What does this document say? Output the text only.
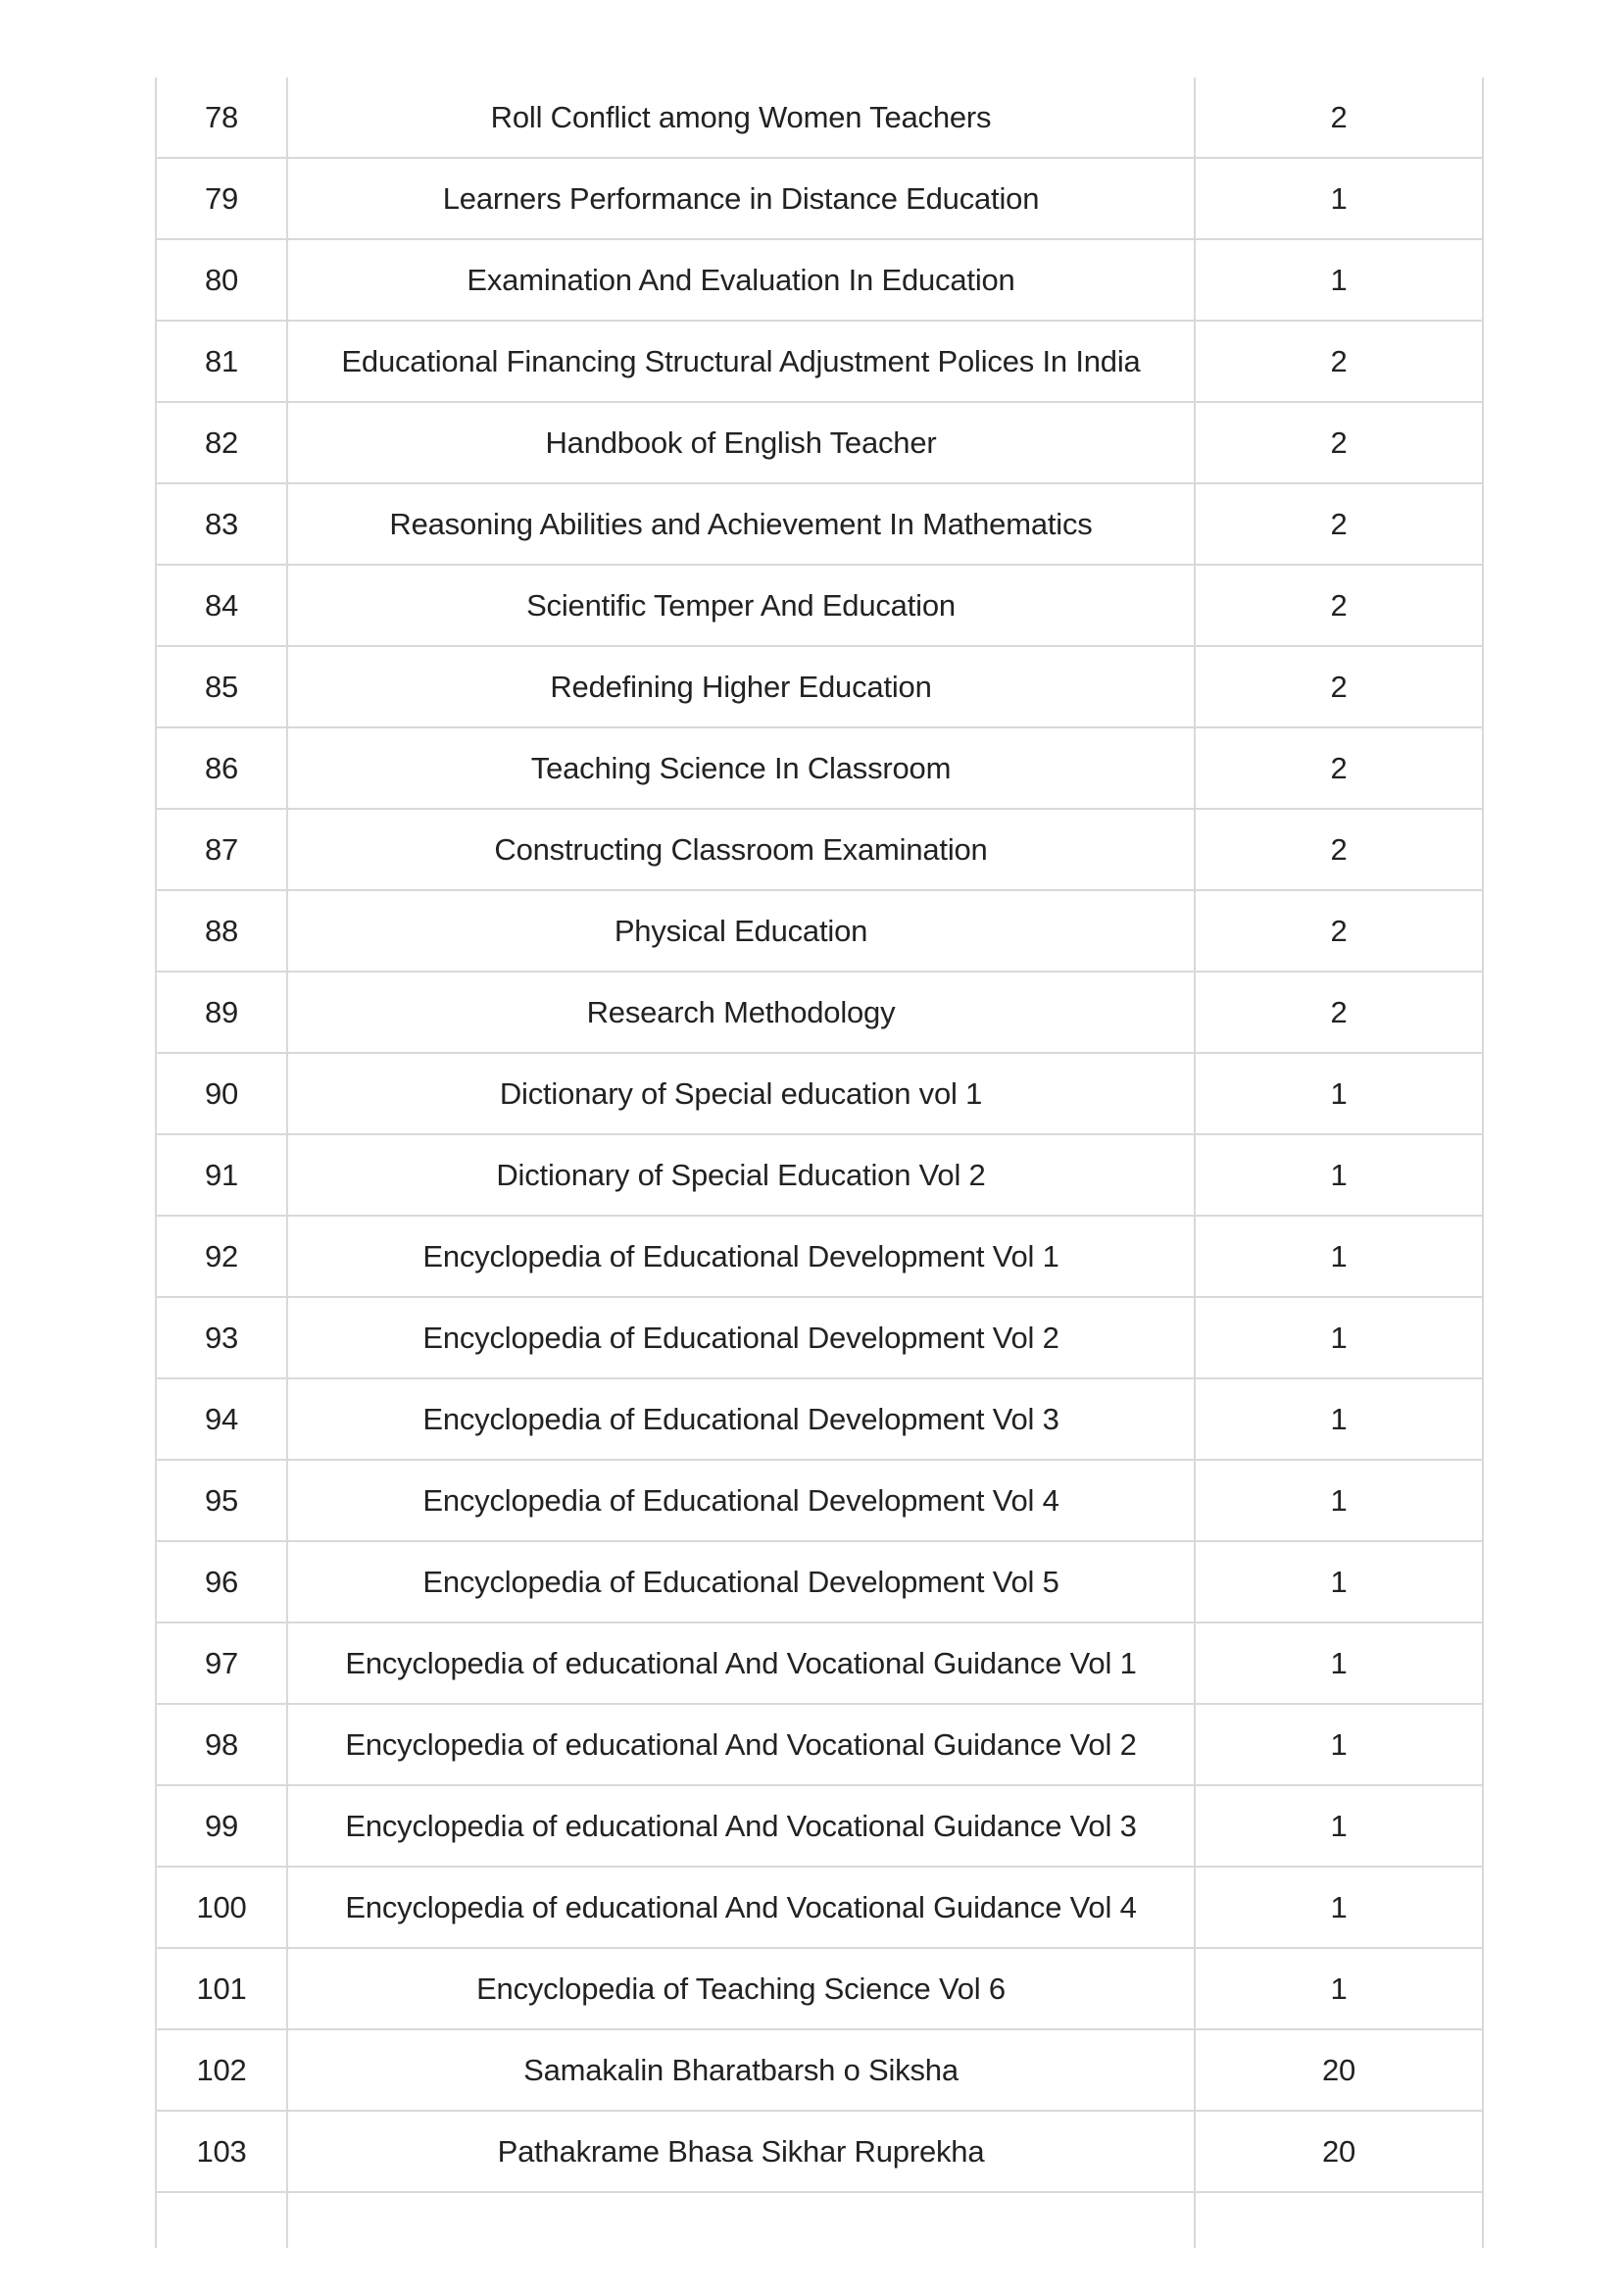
78	Roll Conflict among Women Teachers	2
79	Learners Performance in Distance Education	1
80	Examination And Evaluation In Education	1
81	Educational Financing Structural Adjustment Polices In India	2
82	Handbook of English Teacher	2
83	Reasoning Abilities and Achievement In Mathematics	2
84	Scientific Temper And Education	2
85	Redefining Higher Education	2
86	Teaching Science In Classroom	2
87	Constructing Classroom Examination	2
88	Physical Education	2
89	Research Methodology	2
90	Dictionary of Special education vol 1	1
91	Dictionary of Special Education Vol 2	1
92	Encyclopedia of Educational Development Vol 1	1
93	Encyclopedia of Educational Development Vol 2	1
94	Encyclopedia of Educational Development Vol 3	1
95	Encyclopedia of Educational Development Vol 4	1
96	Encyclopedia of Educational Development Vol 5	1
97	Encyclopedia of educational And Vocational Guidance Vol 1	1
98	Encyclopedia of educational And Vocational Guidance Vol 2	1
99	Encyclopedia of educational And Vocational Guidance Vol 3	1
100	Encyclopedia of educational And Vocational Guidance Vol 4	1
101	Encyclopedia of Teaching Science Vol 6	1
102	Samakalin Bharatbarsh o Siksha	20
103	Pathakrame Bhasa Sikhar Ruprekha	20
